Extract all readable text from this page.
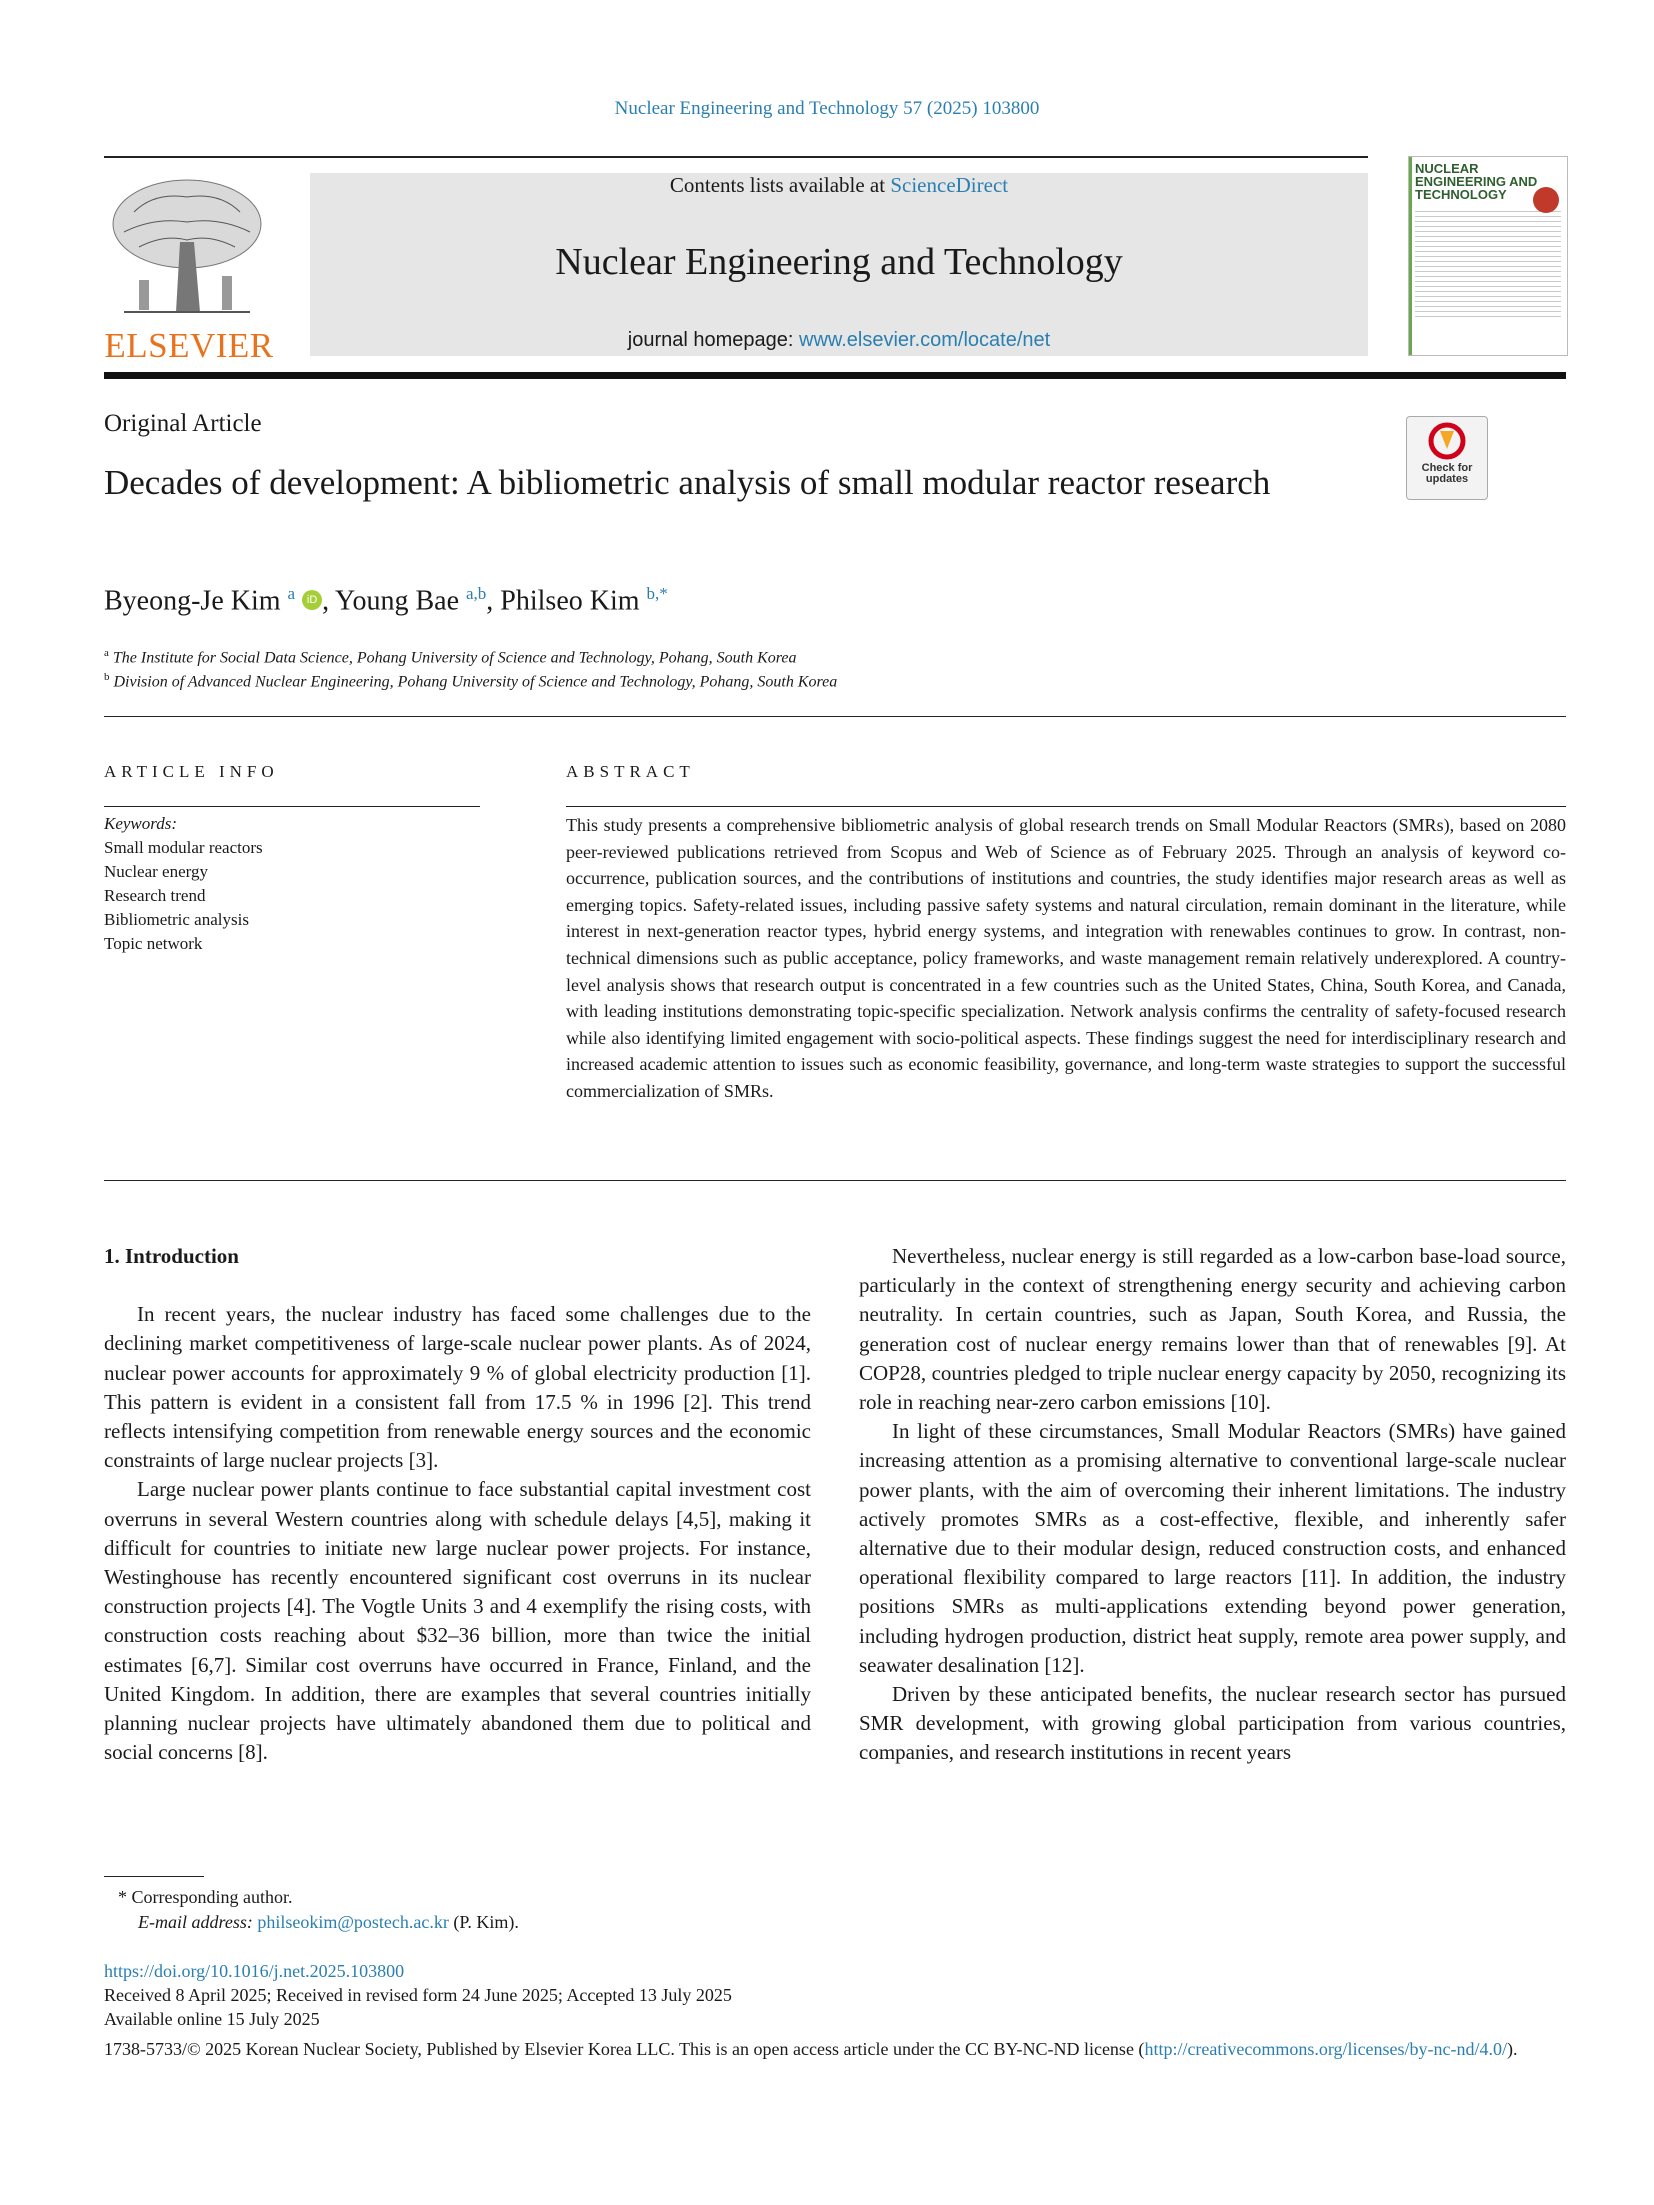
Nuclear Engineering and Technology 57 (2025) 103800
ELSEVIER
Contents lists available at ScienceDirect
Nuclear Engineering and Technology
journal homepage: www.elsevier.com/locate/net
NUCLEAR ENGINEERING AND TECHNOLOGY
Original Article
Decades of development: A bibliometric analysis of small modular reactor research	Check for updates
Byeong-Je Kim $^a$ iD , Young Bae $^{a,b}$, Philseo Kim $^{b,*}$
$^a$ The Institute for Social Data Science, Pohang University of Science and Technology, Pohang, South Korea
$^b$ Division of Advanced Nuclear Engineering, Pohang University of Science and Technology, Pohang, South Korea
ARTICLE INFO
Keywords:
Small modular reactors
Nuclear energy
Research trend
Bibliometric analysis
Topic network
ABSTRACT
This study presents a comprehensive bibliometric analysis of global research trends on Small Modular Reactors (SMRs), based on 2080 peer-reviewed publications retrieved from Scopus and Web of Science as of February 2025. Through an analysis of keyword co-occurrence, publication sources, and the contributions of institutions and countries, the study identifies major research areas as well as emerging topics. Safety-related issues, including passive safety systems and natural circulation, remain dominant in the literature, while interest in next-generation reactor types, hybrid energy systems, and integration with renewables continues to grow. In contrast, non-technical dimensions such as public acceptance, policy frameworks, and waste management remain relatively underexplored. A country-level analysis shows that research output is concentrated in a few countries such as the United States, China, South Korea, and Canada, with leading institutions demonstrating topic-specific specialization. Network analysis confirms the centrality of safety-focused research while also identifying limited engagement with socio-political aspects. These findings suggest the need for interdisciplinary research and increased academic attention to issues such as economic feasibility, governance, and long-term waste strategies to support the successful commercialization of SMRs.

1. Introduction

In recent years, the nuclear industry has faced some challenges due to the declining market competitiveness of large-scale nuclear power plants. As of 2024, nuclear power accounts for approximately 9 % of global electricity production [1]. This pattern is evident in a consistent fall from 17.5 % in 1996 [2]. This trend reflects intensifying competition from renewable energy sources and the economic constraints of large nuclear projects [3].

Large nuclear power plants continue to face substantial capital investment cost overruns in several Western countries along with schedule delays [4,5], making it difficult for countries to initiate new large nuclear power projects. For instance, Westinghouse has recently encountered significant cost overruns in its nuclear construction projects [4]. The Vogtle Units 3 and 4 exemplify the rising costs, with construction costs reaching about $32–36 billion, more than twice the initial estimates [6,7]. Similar cost overruns have occurred in France, Finland, and the United Kingdom. In addition, there are examples that several countries initially planning nuclear projects have ultimately abandoned them due to political and social concerns [8].

Nevertheless, nuclear energy is still regarded as a low-carbon base-load source, particularly in the context of strengthening energy security and achieving carbon neutrality. In certain countries, such as Japan, South Korea, and Russia, the generation cost of nuclear energy remains lower than that of renewables [9]. At COP28, countries pledged to triple nuclear energy capacity by 2050, recognizing its role in reaching near-zero carbon emissions [10].

In light of these circumstances, Small Modular Reactors (SMRs) have gained increasing attention as a promising alternative to conventional large-scale nuclear power plants, with the aim of overcoming their inherent limitations. The industry actively promotes SMRs as a cost-effective, flexible, and inherently safer alternative due to their modular design, reduced construction costs, and enhanced operational flexibility compared to large reactors [11]. In addition, the industry positions SMRs as multi-applications extending beyond power generation, including hydrogen production, district heat supply, remote area power supply, and seawater desalination [12].

Driven by these anticipated benefits, the nuclear research sector has pursued SMR development, with growing global participation from various countries, companies, and research institutions in recent years

* Corresponding author.
E-mail address: philseokim@postech.ac.kr (P. Kim).
https://doi.org/10.1016/j.net.2025.103800
Received 8 April 2025; Received in revised form 24 June 2025; Accepted 13 July 2025
Available online 15 July 2025
1738-5733/© 2025 Korean Nuclear Society, Published by Elsevier Korea LLC. This is an open access article under the CC BY-NC-ND license (http://creativecommons.org/licenses/by-nc-nd/4.0/).
